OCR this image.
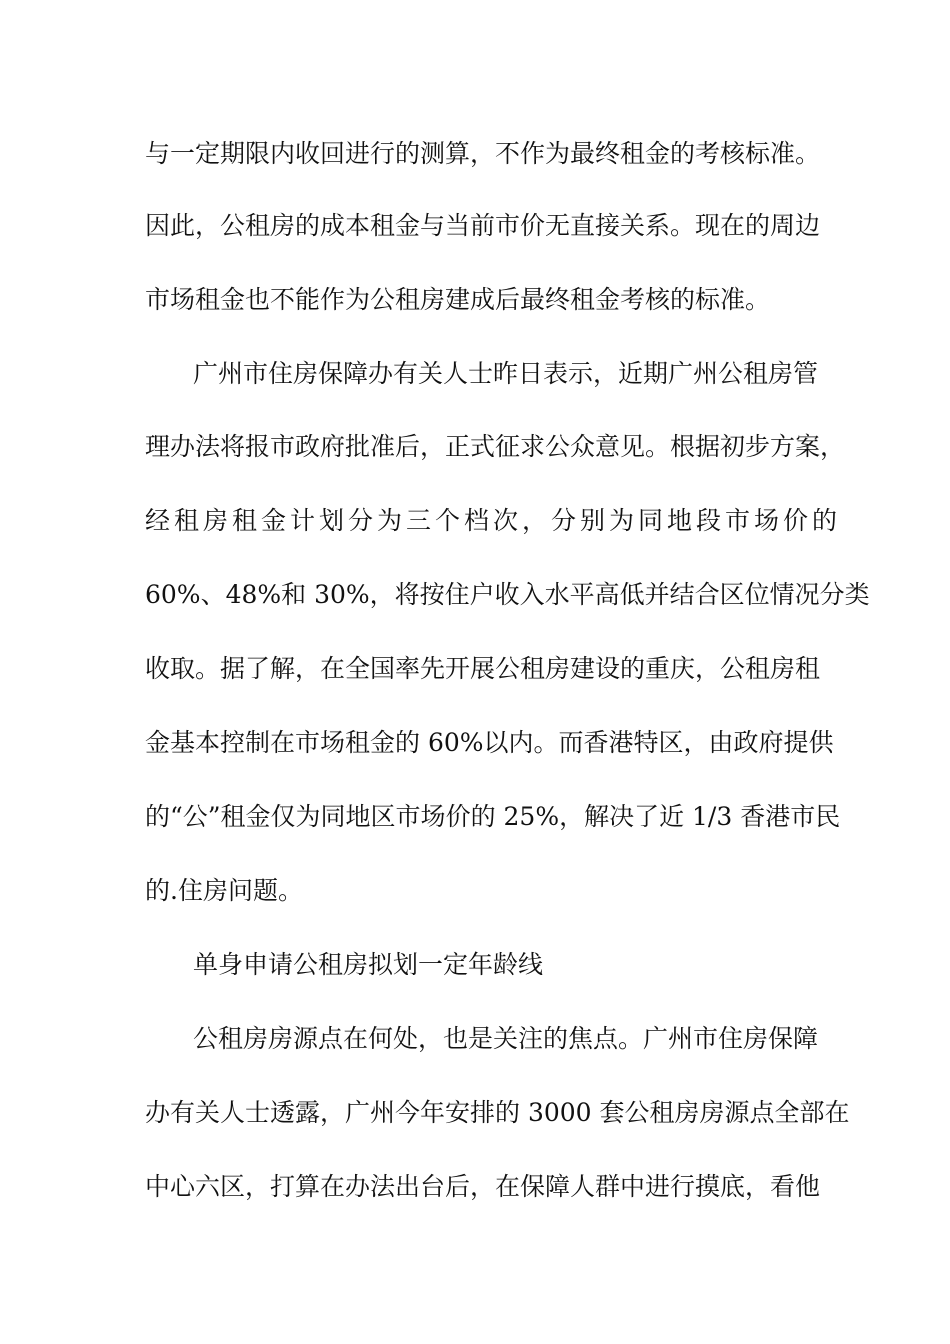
与一定期限内收回进行的测算，不作为最终租金的考核标准。
因此，公租房的成本租金与当前市价无直接关系。现在的周边
市场租金也不能作为公租房建成后最终租金考核的标准。
广州市住房保障办有关人士昨日表示，近期广州公租房管
理办法将报市政府批准后，正式征求公众意见。根据初步方案，
经租房租金计划分为三个档次，分别为同地段市场价的
60%、48%和 30%，将按住户收入水平高低并结合区位情况分类
收取。据了解，在全国率先开展公租房建设的重庆，公租房租
金基本控制在市场租金的 60%以内。而香港特区，由政府提供
的“公”租金仅为同地区市场价的 25%，解决了近 1/3 香港市民
的.住房问题。
单身申请公租房拟划一定年龄线
公租房房源点在何处，也是关注的焦点。广州市住房保障
办有关人士透露，广州今年安排的 3000 套公租房房源点全部在
中心六区，打算在办法出台后，在保障人群中进行摸底，看他
